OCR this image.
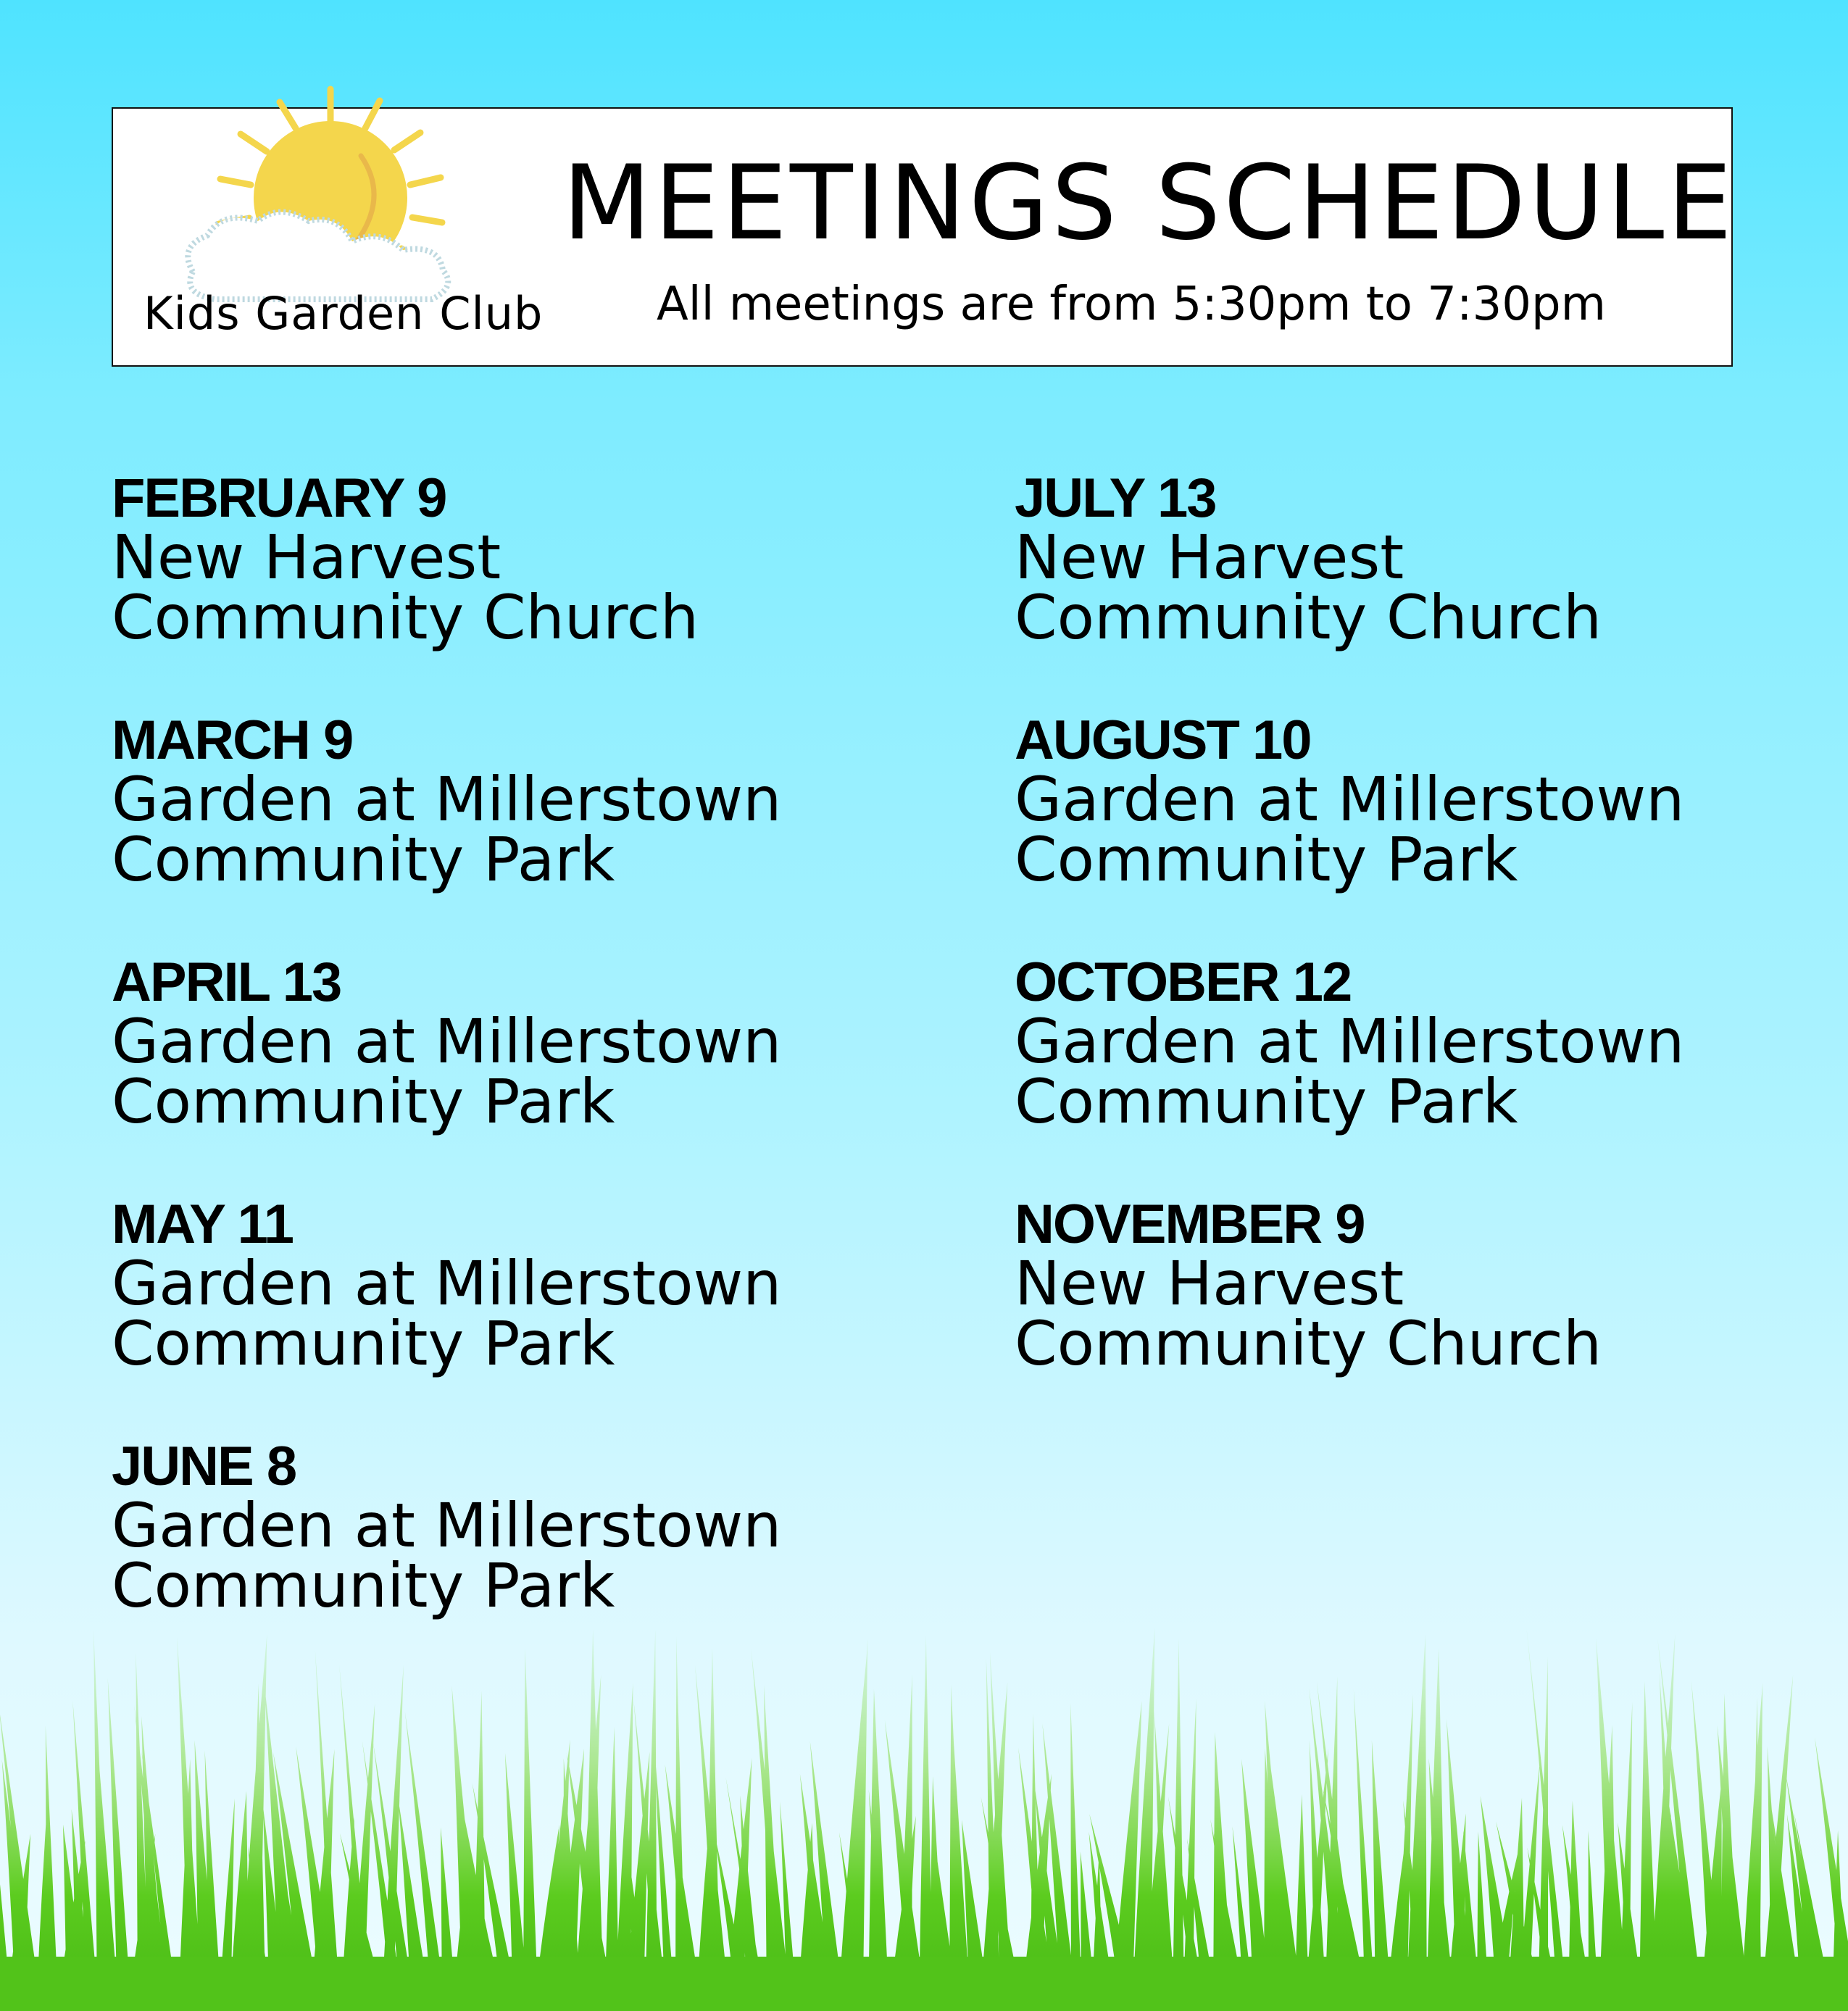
Kids Garden Club
MEETINGS SCHEDULE
All meetings are from 5:30pm to 7:30pm
FEBRUARY 9
New Harvest
Community Church
MARCH 9
Garden at Millerstown
Community Park
APRIL 13
Garden at Millerstown
Community Park
MAY 11
Garden at Millerstown
Community Park
JUNE 8
Garden at Millerstown
Community Park
JULY 13
New Harvest
Community Church
AUGUST 10
Garden at Millerstown
Community Park
OCTOBER 12
Garden at Millerstown
Community Park
NOVEMBER 9
New Harvest
Community Church
